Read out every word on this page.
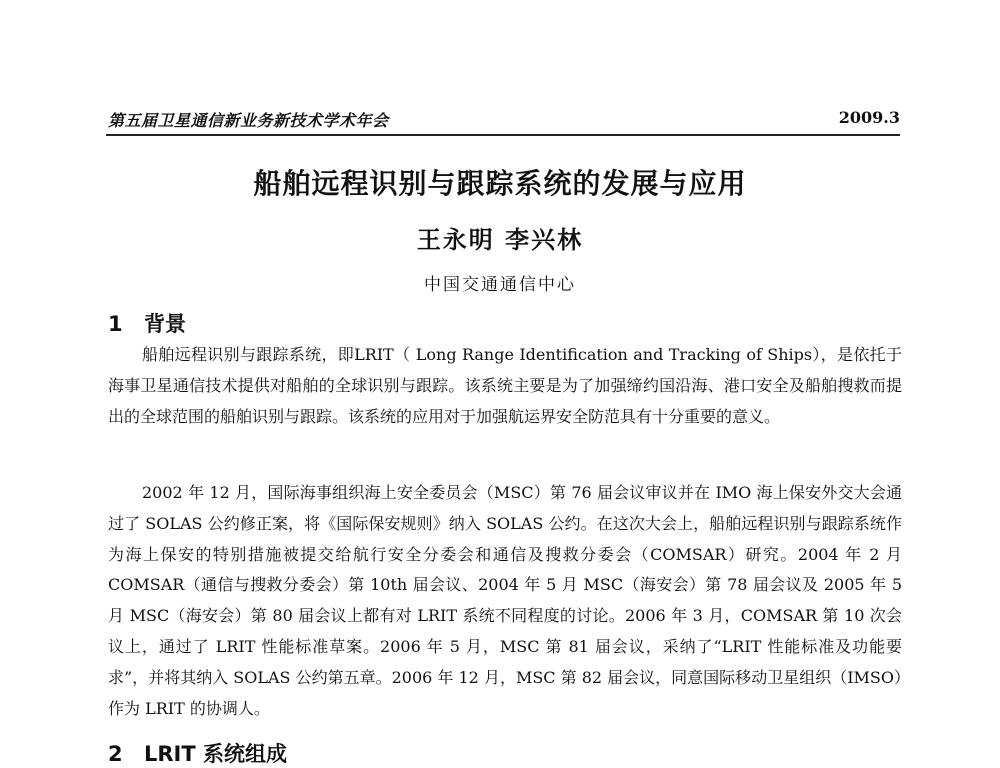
第五届卫星通信新业务新技术学术年会	2009.3
船舶远程识别与跟踪系统的发展与应用
王永明 李兴林
中国交通通信中心
1 背景

船舶远程识别与跟踪系统，即LRIT（ Long Range Identification and Tracking of Ships），是依托于海事卫星通信技术提供对船舶的全球识别与跟踪。该系统主要是为了加强缔约国沿海、港口安全及船舶搜救而提出的全球范围的船舶识别与跟踪。该系统的应用对于加强航运界安全防范具有十分重要的意义。

2002 年 12 月，国际海事组织海上安全委员会（MSC）第 76 届会议审议并在 IMO 海上保安外交大会通过了 SOLAS 公约修正案，将《国际保安规则》纳入 SOLAS 公约。在这次大会上，船舶远程识别与跟踪系统作为海上保安的特别措施被提交给航行安全分委会和通信及搜救分委会（COMSAR）研究。2004 年 2 月 COMSAR（通信与搜救分委会）第 10th 届会议、2004 年 5 月 MSC（海安会）第 78 届会议及 2005 年 5 月 MSC（海安会）第 80 届会议上都有对 LRIT 系统不同程度的讨论。2006 年 3 月，COMSAR 第 10 次会议上，通过了 LRIT 性能标准草案。2006 年 5 月，MSC 第 81 届会议，采纳了“LRIT 性能标准及功能要求”，并将其纳入 SOLAS 公约第五章。2006 年 12 月，MSC 第 82 届会议，同意国际移动卫星组织（IMSO）作为 LRIT 的协调人。

2 LRIT 系统组成
